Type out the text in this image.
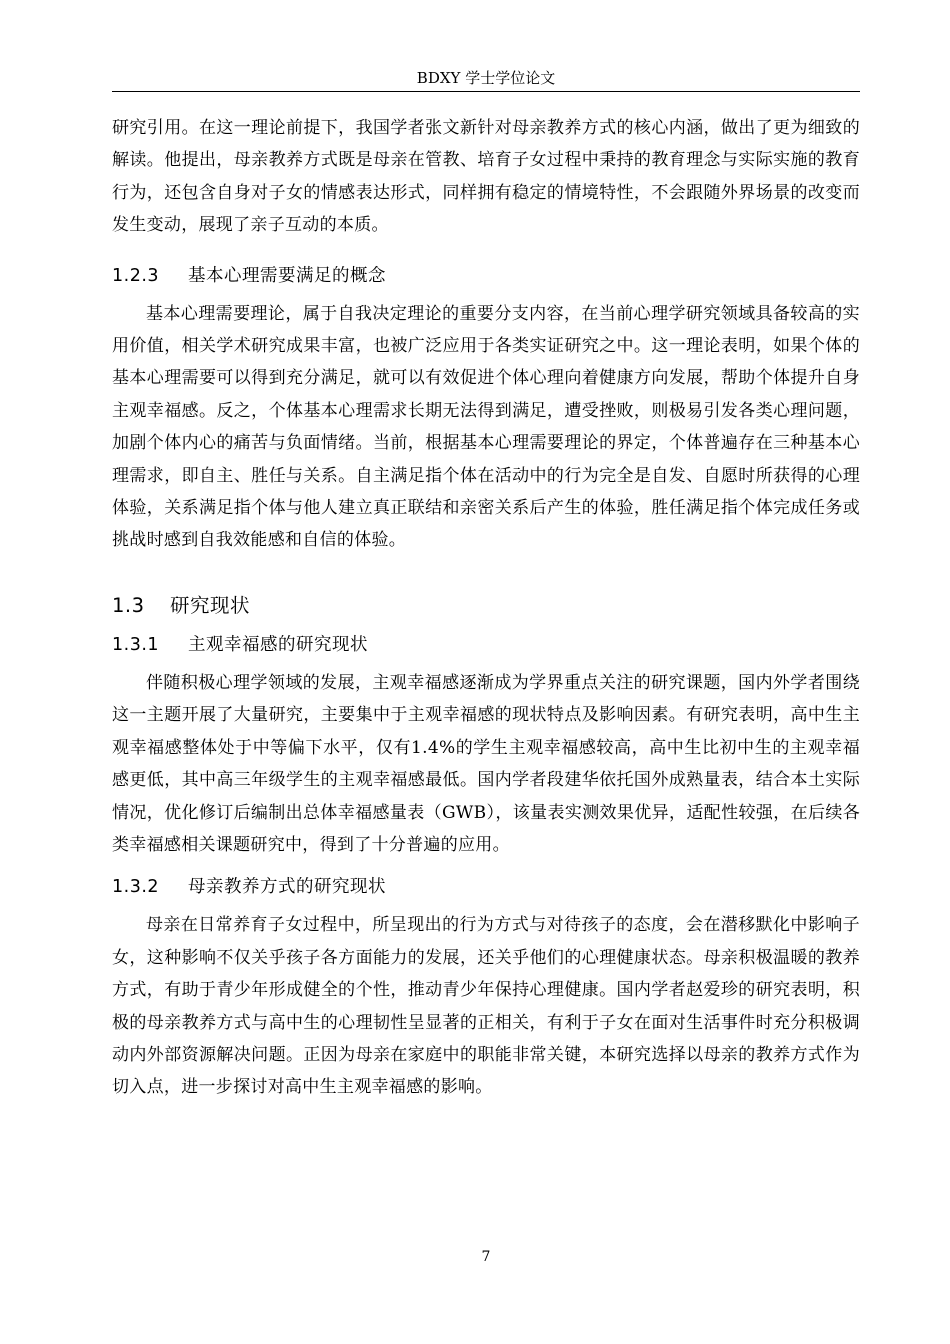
BDXY 学士学位论文

研究引用。在这一理论前提下，我国学者张文新针对母亲教养方式的核心内涵，做出了更为细致的解读。他提出，母亲教养方式既是母亲在管教、培育子女过程中秉持的教育理念与实际实施的教育行为，还包含自身对子女的情感表达形式，同样拥有稳定的情境特性，不会跟随外界场景的改变而发生变动，展现了亲子互动的本质。

1.2.3 基本心理需要满足的概念

基本心理需要理论，属于自我决定理论的重要分支内容，在当前心理学研究领域具备较高的实用价值，相关学术研究成果丰富，也被广泛应用于各类实证研究之中。这一理论表明，如果个体的基本心理需要可以得到充分满足，就可以有效促进个体心理向着健康方向发展，帮助个体提升自身主观幸福感。反之，个体基本心理需求长期无法得到满足，遭受挫败，则极易引发各类心理问题，加剧个体内心的痛苦与负面情绪。当前，根据基本心理需要理论的界定，个体普遍存在三种基本心理需求，即自主、胜任与关系。自主满足指个体在活动中的行为完全是自发、自愿时所获得的心理体验，关系满足指个体与他人建立真正联结和亲密关系后产生的体验，胜任满足指个体完成任务或挑战时感到自我效能感和自信的体验。

1.3 研究现状
1.3.1 主观幸福感的研究现状

伴随积极心理学领域的发展，主观幸福感逐渐成为学界重点关注的研究课题，国内外学者围绕这一主题开展了大量研究，主要集中于主观幸福感的现状特点及影响因素。有研究表明，高中生主观幸福感整体处于中等偏下水平，仅有1.4%的学生主观幸福感较高，高中生比初中生的主观幸福感更低，其中高三年级学生的主观幸福感最低。国内学者段建华依托国外成熟量表，结合本土实际情况，优化修订后编制出总体幸福感量表（GWB），该量表实测效果优异，适配性较强，在后续各类幸福感相关课题研究中，得到了十分普遍的应用。

1.3.2 母亲教养方式的研究现状

母亲在日常养育子女过程中，所呈现出的行为方式与对待孩子的态度，会在潜移默化中影响子女，这种影响不仅关乎孩子各方面能力的发展，还关乎他们的心理健康状态。母亲积极温暖的教养方式，有助于青少年形成健全的个性，推动青少年保持心理健康。国内学者赵爱珍的研究表明，积极的母亲教养方式与高中生的心理韧性呈显著的正相关，有利于子女在面对生活事件时充分积极调动内外部资源解决问题。正因为母亲在家庭中的职能非常关键，本研究选择以母亲的教养方式作为切入点，进一步探讨对高中生主观幸福感的影响。

7
